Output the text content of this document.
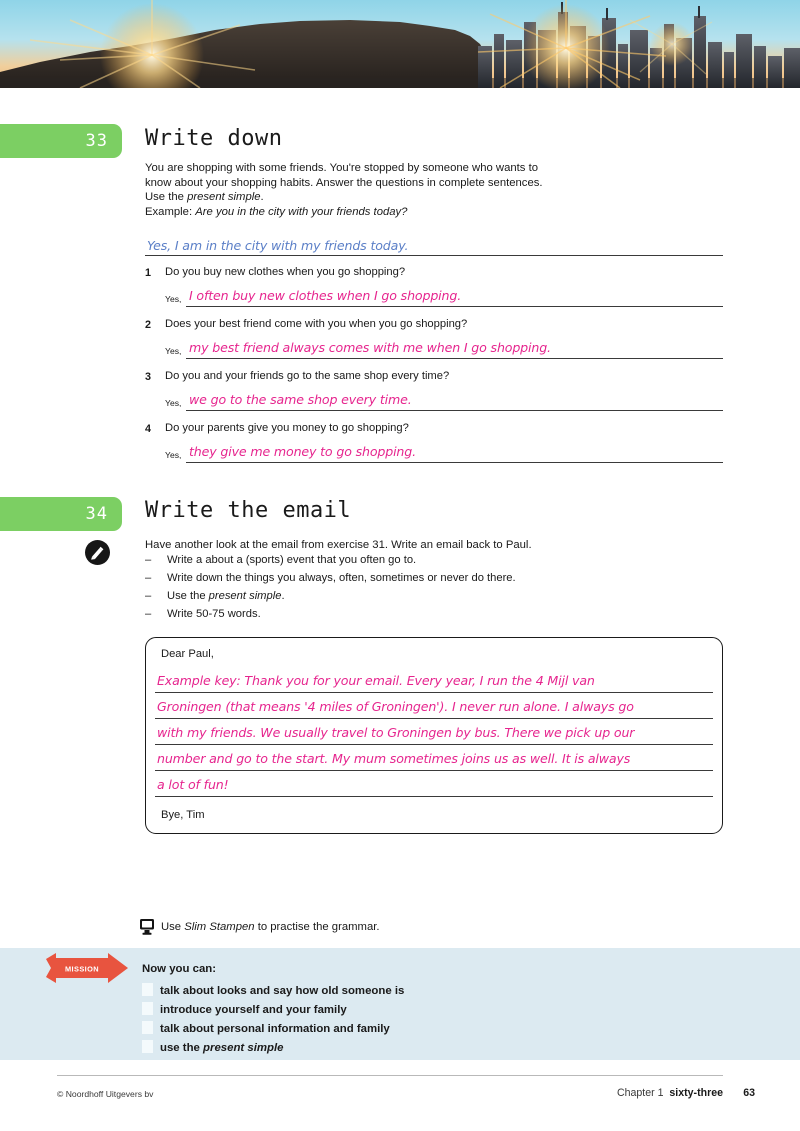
33	Write down
You are shopping with some friends. You're stopped by someone who wants to
know about your shopping habits. Answer the questions in complete sentences.
Use the present simple.
Example: Are you in the city with your friends today?
Yes, I am in the city with my friends today.
1 Do you buy new clothes when you go shopping?
Yes, I often buy new clothes when I go shopping.
2 Does your best friend come with you when you go shopping?
Yes, my best friend always comes with me when I go shopping.
3 Do you and your friends go to the same shop every time?
Yes, we go to the same shop every time.
4 Do your parents give you money to go shopping?
Yes, they give me money to go shopping.
34	Write the email
Have another look at the email from exercise 31. Write an email back to Paul.
– Write a about a (sports) event that you often go to.
– Write down the things you always, often, sometimes or never do there.
– Use the present simple.
– Write 50-75 words.
Dear Paul,
Example key: Thank you for your email. Every year, I run the 4 Mijl van
Groningen (that means '4 miles of Groningen'). I never run alone. I always go
with my friends. We usually travel to Groningen by bus. There we pick up our
number and go to the start. My mum sometimes joins us as well. It is always
a lot of fun!
Bye, Tim
Use Slim Stampen to practise the grammar.
MISSION	Now you can:
talk about looks and say how old someone is
introduce yourself and your family
talk about personal information and family
use the present simple
© Noordhoff Uitgevers bv	Chapter 1 sixty-three 63
